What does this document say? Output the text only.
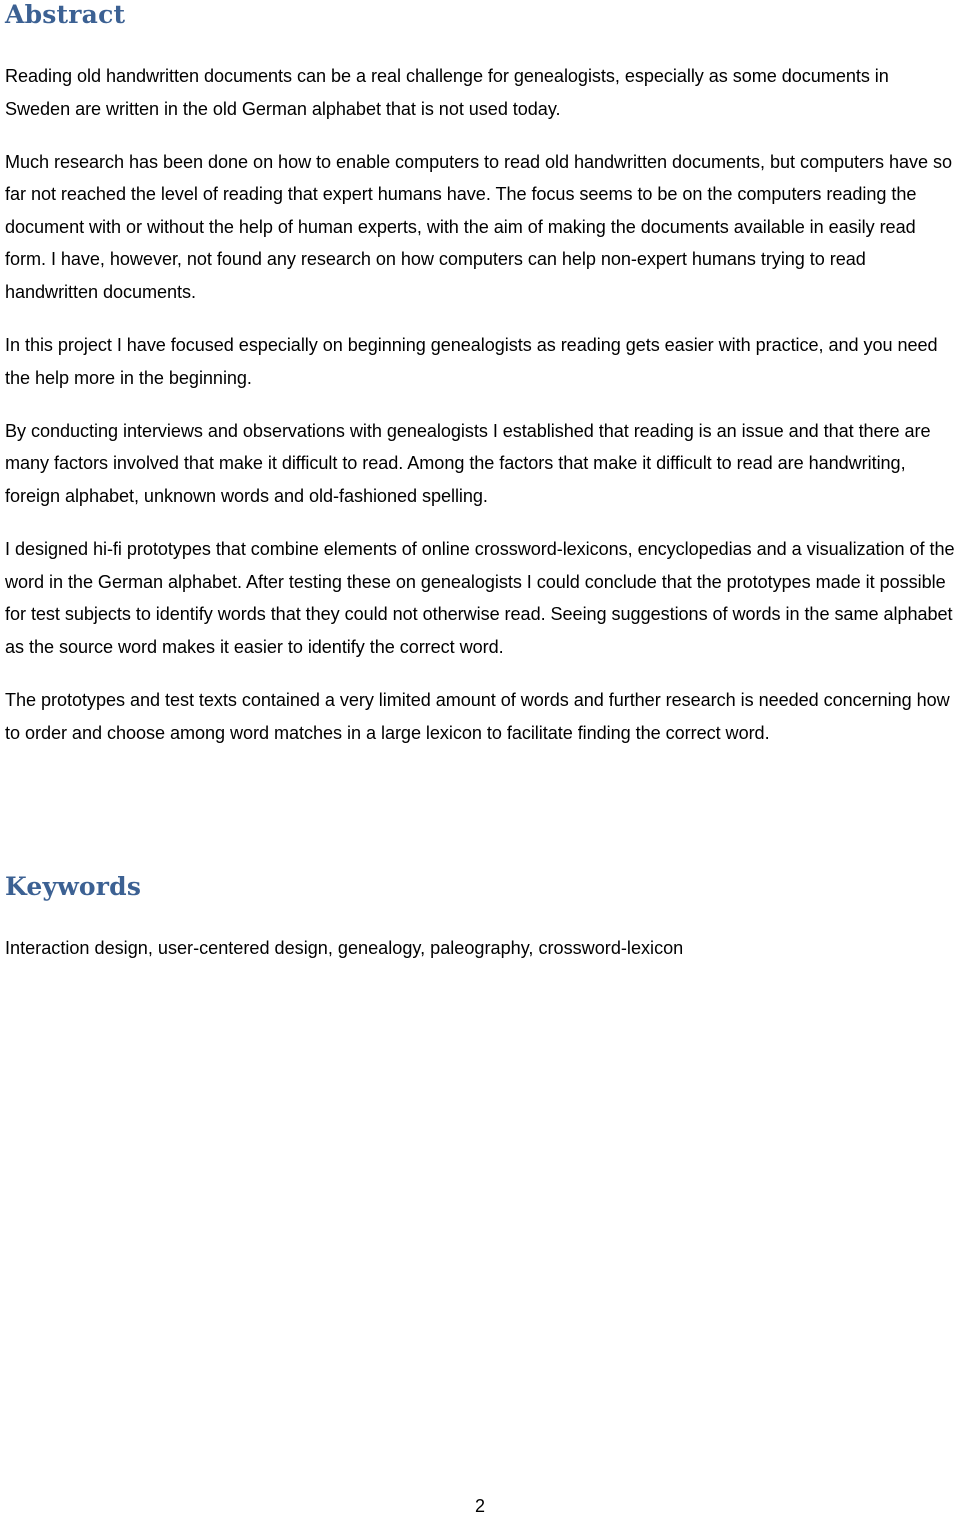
Abstract

Reading old handwritten documents can be a real challenge for genealogists, especially as some documents in Sweden are written in the old German alphabet that is not used today.

Much research has been done on how to enable computers to read old handwritten documents, but computers have so far not reached the level of reading that expert humans have. The focus seems to be on the computers reading the document with or without the help of human experts, with the aim of making the documents available in easily read form. I have, however, not found any research on how computers can help non-expert humans trying to read handwritten documents.

In this project I have focused especially on beginning genealogists as reading gets easier with practice, and you need the help more in the beginning.

By conducting interviews and observations with genealogists I established that reading is an issue and that there are many factors involved that make it difficult to read. Among the factors that make it difficult to read are handwriting, foreign alphabet, unknown words and old-fashioned spelling.

I designed hi-fi prototypes that combine elements of online crossword-lexicons, encyclopedias and a visualization of the word in the German alphabet. After testing these on genealogists I could conclude that the prototypes made it possible for test subjects to identify words that they could not otherwise read. Seeing suggestions of words in the same alphabet as the source word makes it easier to identify the correct word.

The prototypes and test texts contained a very limited amount of words and further research is needed concerning how to order and choose among word matches in a large lexicon to facilitate finding the correct word.

Keywords

Interaction design, user-centered design, genealogy, paleography, crossword-lexicon

2
